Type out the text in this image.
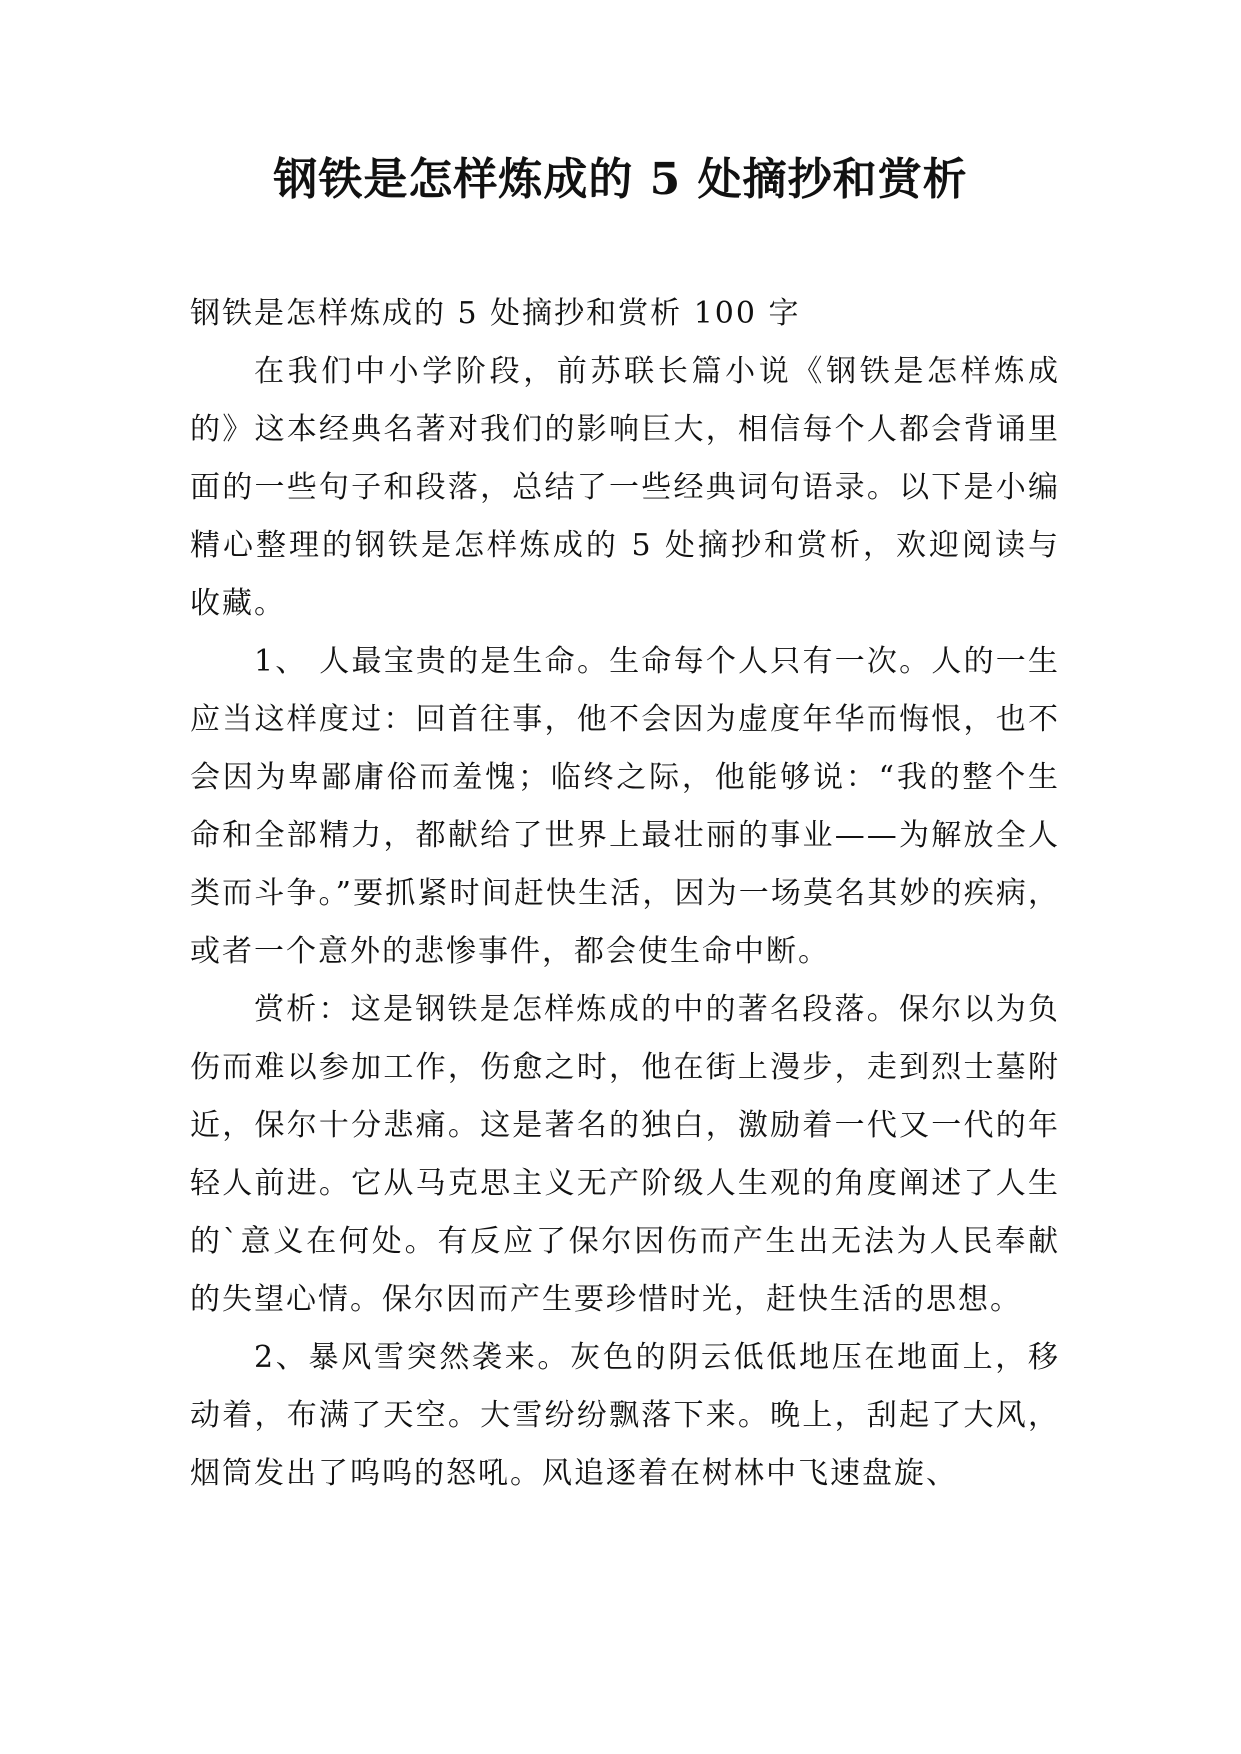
钢铁是怎样炼成的 5 处摘抄和赏析

钢铁是怎样炼成的 5 处摘抄和赏析 100 字

在我们中小学阶段，前苏联长篇小说《钢铁是怎样炼成的》这本经典名著对我们的影响巨大，相信每个人都会背诵里面的一些句子和段落，总结了一些经典词句语录。以下是小编精心整理的钢铁是怎样炼成的 5 处摘抄和赏析，欢迎阅读与收藏。

1、 人最宝贵的是生命。生命每个人只有一次。人的一生应当这样度过：回首往事，他不会因为虚度年华而悔恨，也不会因为卑鄙庸俗而羞愧；临终之际，他能够说：“我的整个生命和全部精力，都献给了世界上最壮丽的事业——为解放全人类而斗争。”要抓紧时间赶快生活，因为一场莫名其妙的疾病，或者一个意外的悲惨事件，都会使生命中断。

赏析：这是钢铁是怎样炼成的中的著名段落。保尔以为负伤而难以参加工作，伤愈之时，他在街上漫步，走到烈士墓附近，保尔十分悲痛。这是著名的独白，激励着一代又一代的年轻人前进。它从马克思主义无产阶级人生观的角度阐述了人生的`意义在何处。有反应了保尔因伤而产生出无法为人民奉献的失望心情。保尔因而产生要珍惜时光，赶快生活的思想。

2、暴风雪突然袭来。灰色的阴云低低地压在地面上，移动着，布满了天空。大雪纷纷飘落下来。晚上，刮起了大风，烟筒发出了呜呜的怒吼。风追逐着在树林中飞速盘旋、
